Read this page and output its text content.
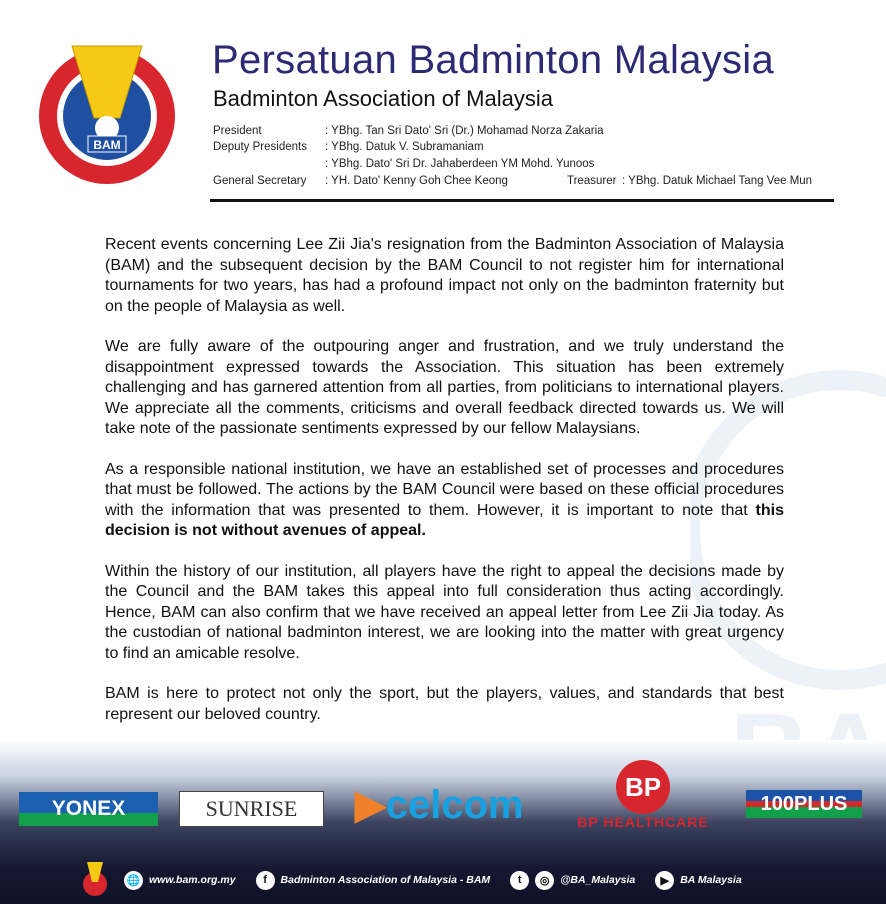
BAM
Persatuan Badminton Malaysia
Badminton Association of Malaysia
President	: YBhg. Tan Sri Dato' Sri (Dr.) Mohamad Norza Zakaria
Deputy Presidents : YBhg. Datuk V. Subramaniam
: YBhg. Dato' Sri Dr. Jahaberdeen YM Mohd. Yunoos
General Secretary : YH. Dato' Kenny Goh Chee Keong	Treasurer : YBhg. Datuk Michael Tang Vee Mun

Recent events concerning Lee Zii Jia's resignation from the Badminton Association of Malaysia (BAM) and the subsequent decision by the BAM Council to not register him for international tournaments for two years, has had a profound impact not only on the badminton fraternity but on the people of Malaysia as well.

We are fully aware of the outpouring anger and frustration, and we truly understand the disappointment expressed towards the Association. This situation has been extremely challenging and has garnered attention from all parties, from politicians to international players. We appreciate all the comments, criticisms and overall feedback directed towards us. We will take note of the passionate sentiments expressed by our fellow Malaysians.

As a responsible national institution, we have an established set of processes and procedures that must be followed. The actions by the BAM Council were based on these official procedures with the information that was presented to them. However, it is important to note that this decision is not without avenues of appeal.

Within the history of our institution, all players have the right to appeal the decisions made by the Council and the BAM takes this appeal into full consideration thus acting accordingly. Hence, BAM can also confirm that we have received an appeal letter from Lee Zii Jia today. As the custodian of national badminton interest, we are looking into the matter with great urgency to find an amicable resolve.

BAM is here to protect not only the sport, but the players, values, and standards that best represent our beloved country.

YONEX	SUNRISE ▶celcom	BP
BP HEALTHCARE
100PLUS
🌐 www.bam.org.my	f	Badminton Association of Malaysia - BAM	t	◎	@BA_Malaysia	▶	BA Malaysia
